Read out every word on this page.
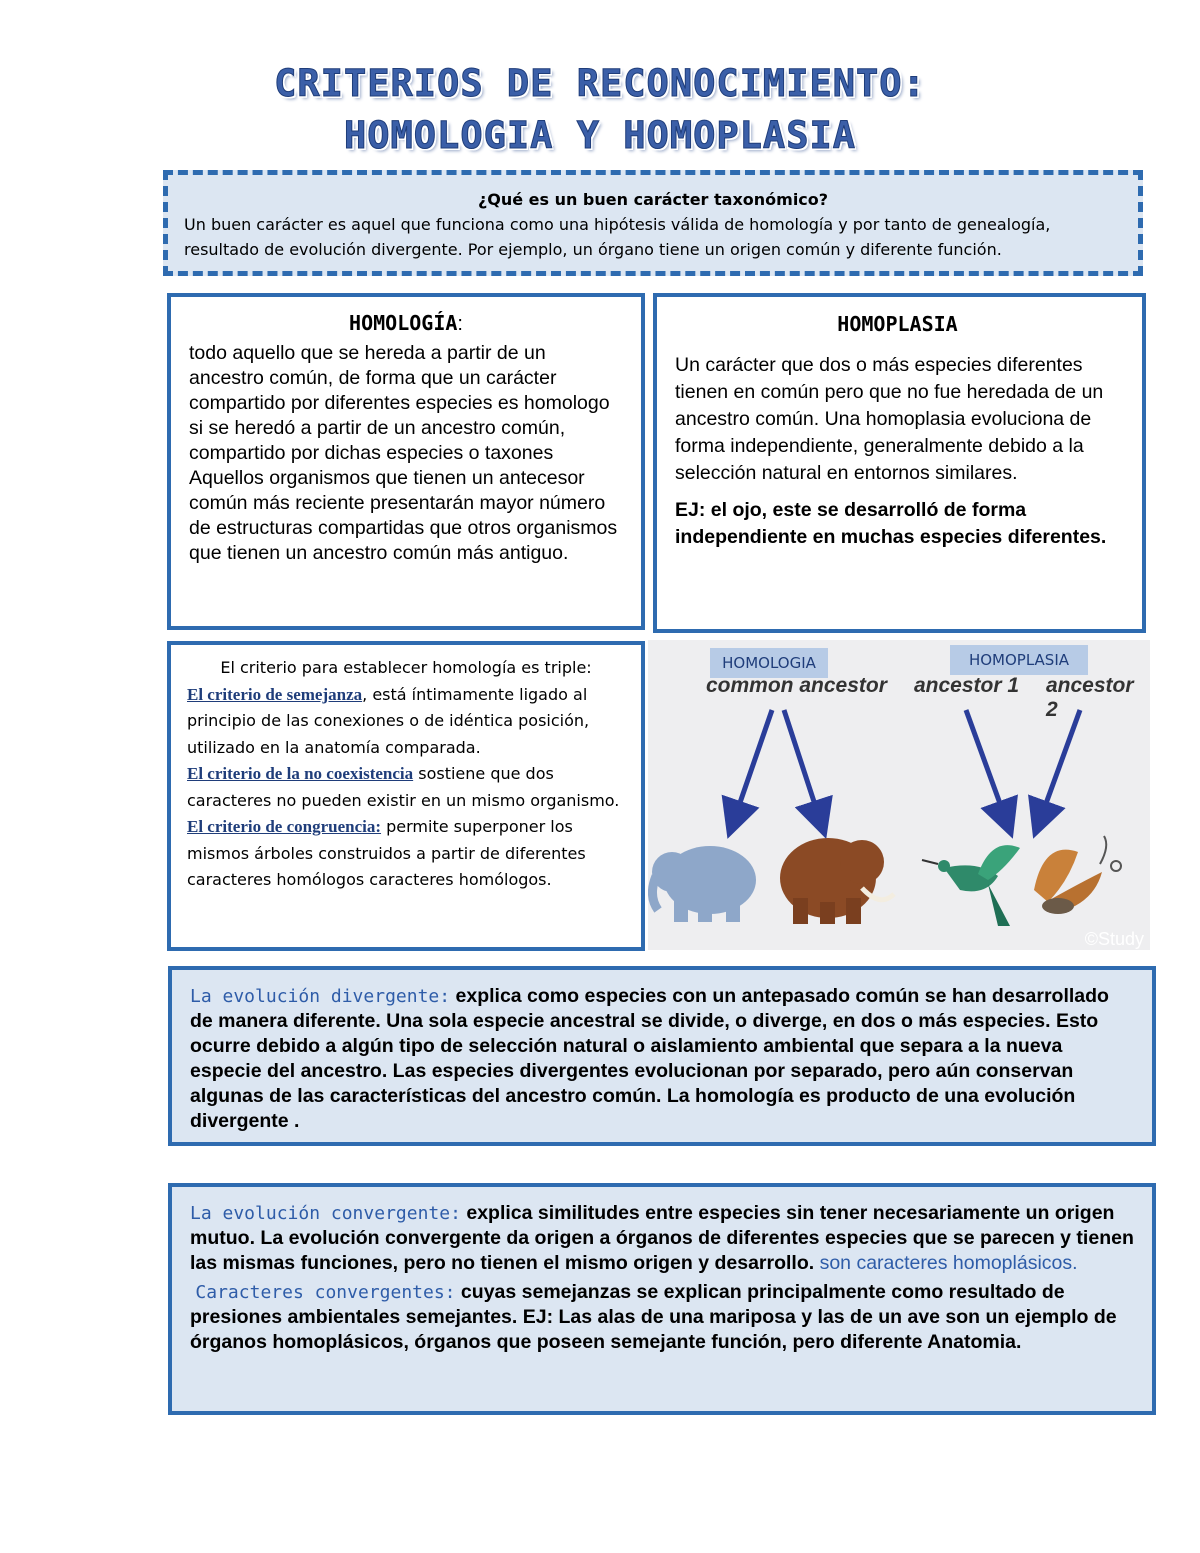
CRITERIOS DE RECONOCIMIENTO:
HOMOLOGIA Y HOMOPLASIA
¿Qué es un buen carácter taxonómico?
Un buen carácter es aquel que funciona como una hipótesis válida de homología y por tanto de genealogía, resultado de evolución divergente. Por ejemplo, un órgano tiene un origen común y diferente función.
HOMOLOGÍA:
todo aquello que se hereda a partir de un ancestro común, de forma que un carácter compartido por diferentes especies es homologo si se heredó a partir de un ancestro común, compartido por dichas especies o taxones
Aquellos organismos que tienen un antecesor común más reciente presentarán mayor número de estructuras compartidas que otros organismos que tienen un ancestro común más antiguo.
HOMOPLASIA
Un carácter que dos o más especies diferentes tienen en común pero que no fue heredada de un ancestro común. Una homoplasia evoluciona de forma independiente, generalmente debido a la selección natural en entornos similares.
EJ: el ojo, este se desarrolló de forma independiente en muchas especies diferentes.
El criterio para establecer homología es triple:
El criterio de semejanza, está íntimamente ligado al principio de las conexiones o de idéntica posición, utilizado en la anatomía comparada.
El criterio de la no coexistencia sostiene que dos caracteres no pueden existir en un mismo organismo.
El criterio de congruencia: permite superponer los mismos árboles construidos a partir de diferentes caracteres homólogos caracteres homólogos.
HOMOLOGIA	HOMOPLASIA
common ancestor ancestor 1 ancestor 2
©Study
La evolución divergente: explica como especies con un antepasado común se han desarrollado de manera diferente. Una sola especie ancestral se divide, o diverge, en dos o más especies. Esto ocurre debido a algún tipo de selección natural o aislamiento ambiental que separa a la nueva especie del ancestro. Las especies divergentes evolucionan por separado, pero aún conservan algunas de las características del ancestro común. La homología es producto de una evolución divergente .
La evolución convergente: explica similitudes entre especies sin tener necesariamente un origen mutuo. La evolución convergente da origen a órganos de diferentes especies que se parecen y tienen las mismas funciones, pero no tienen el mismo origen y desarrollo. son caracteres homoplásicos.
Caracteres convergentes: cuyas semejanzas se explican principalmente como resultado de presiones ambientales semejantes. EJ: Las alas de una mariposa y las de un ave son un ejemplo de órganos homoplásicos, órganos que poseen semejante función, pero diferente Anatomia.
